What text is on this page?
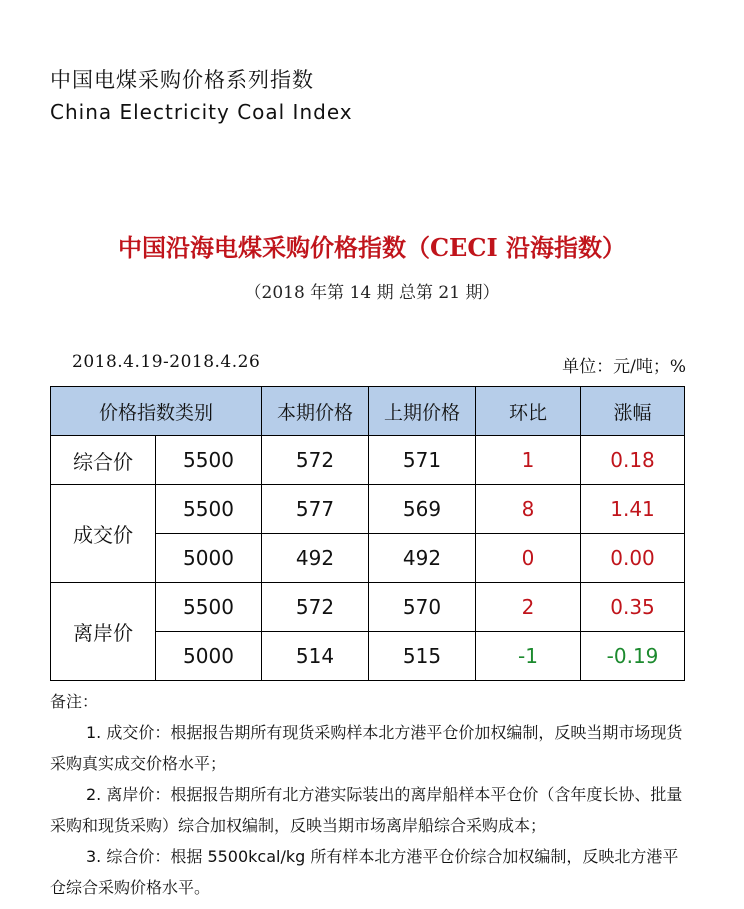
中国电煤采购价格系列指数
China Electricity Coal Index
中国沿海电煤采购价格指数（CECI 沿海指数）
（2018 年第 14 期 总第 21 期）
2018.4.19-2018.4.26	单位：元/吨；%
价格指数类别		本期价格	上期价格	环比	涨幅
综合价	5500	572	571	1	0.18
成交价	5500	577	569	8	1.41
	5000	492	492	0	0.00
离岸价	5500	572	570	2	0.35
	5000	514	515	-1	-0.19

备注：

1. 成交价：根据报告期所有现货采购样本北方港平仓价加权编制，反映当期市场现货采购真实成交价格水平；

2. 离岸价：根据报告期所有北方港实际装出的离岸船样本平仓价（含年度长协、批量采购和现货采购）综合加权编制，反映当期市场离岸船综合采购成本；

3. 综合价：根据 5500kcal/kg 所有样本北方港平仓价综合加权编制，反映北方港平仓综合采购价格水平。
